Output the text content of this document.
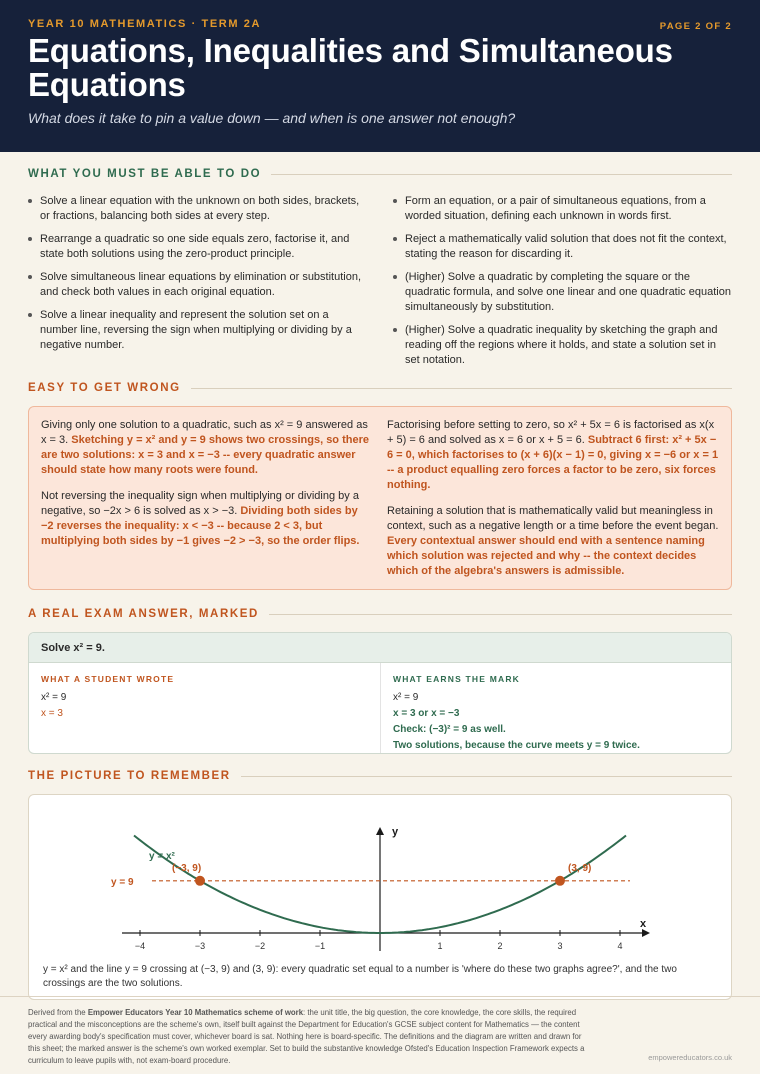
YEAR 10 MATHEMATICS · TERM 2A	PAGE 2 OF 2
Equations, Inequalities and Simultaneous
Equations
What does it take to pin a value down — and when is one answer not enough?
WHAT YOU MUST BE ABLE TO DO
Solve a linear equation with the unknown on both sides, brackets, or fractions, balancing both sides at every step.
Rearrange a quadratic so one side equals zero, factorise it, and state both solutions using the zero-product principle.
Solve simultaneous linear equations by elimination or substitution, and check both values in each original equation.
Solve a linear inequality and represent the solution set on a number line, reversing the sign when multiplying or dividing by a negative number.
Form an equation, or a pair of simultaneous equations, from a worded situation, defining each unknown in words first.
Reject a mathematically valid solution that does not fit the context, stating the reason for discarding it.
(Higher) Solve a quadratic by completing the square or the quadratic formula, and solve one linear and one quadratic equation simultaneously by substitution.
(Higher) Solve a quadratic inequality by sketching the graph and reading off the regions where it holds, and state a solution set in set notation.
EASY TO GET WRONG

Giving only one solution to a quadratic, such as x² = 9 answered as x = 3. Sketching y = x² and y = 9 shows two crossings, so there are two solutions: x = 3 and x = −3 -- every quadratic answer should state how many roots were found.

Not reversing the inequality sign when multiplying or dividing by a negative, so −2x > 6 is solved as x > −3. Dividing both sides by −2 reverses the inequality: x < −3 -- because 2 < 3, but multiplying both sides by −1 gives −2 > −3, so the order flips.

Factorising before setting to zero, so x² + 5x = 6 is factorised as x(x + 5) = 6 and solved as x = 6 or x + 5 = 6. Subtract 6 first: x² + 5x − 6 = 0, which factorises to (x + 6)(x − 1) = 0, giving x = −6 or x = 1 -- a product equalling zero forces a factor to be zero, six forces nothing.

Retaining a solution that is mathematically valid but meaningless in context, such as a negative length or a time before the event began. Every contextual answer should end with a sentence naming which solution was rejected and why -- the context decides which of the algebra's answers is admissible.

A REAL EXAM ANSWER, MARKED
Solve x² = 9.
WHAT A STUDENT WROTE
x² = 9
x = 3
WHAT EARNS THE MARK
x² = 9
x = 3 or x = −3
Check: (−3)² = 9 as well.
Two solutions, because the curve meets y = 9 twice.
THE PICTURE TO REMEMBER
x
y
−4	−3	−2	−1	1	2	3	4
y = 9
y = x²
(−3, 9)	(3, 9)
y = x² and the line y = 9 crossing at (−3, 9) and (3, 9): every quadratic set equal to a number is 'where do these two graphs agree?', and the two crossings are the two solutions.

Derived from the Empower Educators Year 10 Mathematics scheme of work: the unit title, the big question, the core knowledge, the core skills, the required practical and the misconceptions are the scheme's own, itself built against the Department for Education's GCSE subject content for Mathematics — the content every awarding body's specification must cover, whichever board is sat. Nothing here is board-specific. The definitions and the diagram are written and drawn for this sheet; the marked answer is the scheme's own worked exemplar. Set to build the substantive knowledge Ofsted's Education Inspection Framework expects a curriculum to leave pupils with, not exam-board procedure.	empowereducators.co.uk
